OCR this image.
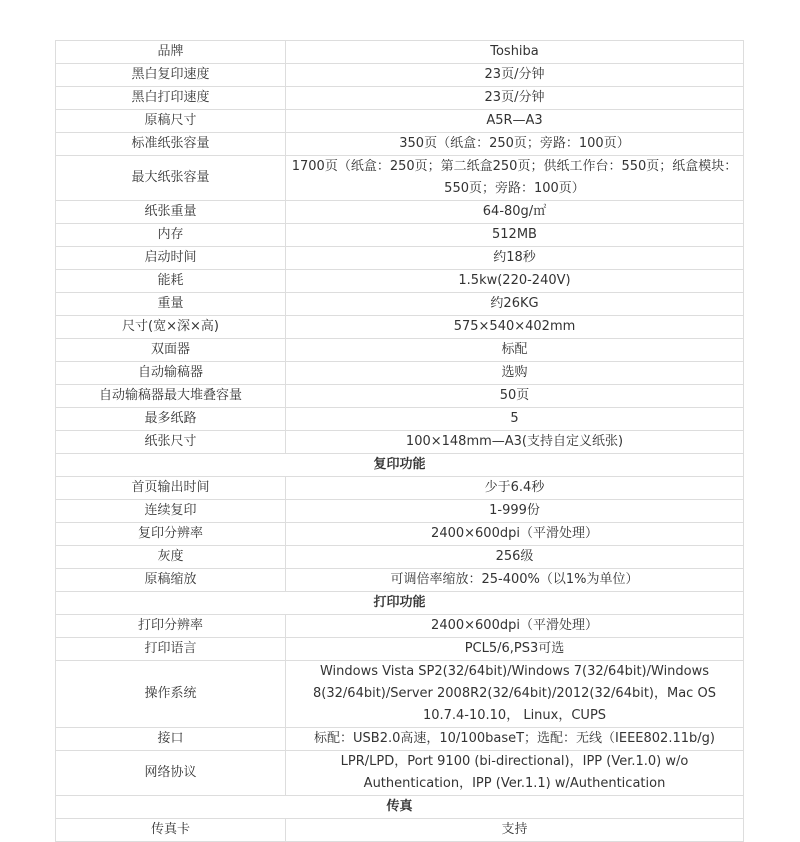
品牌	Toshiba
黑白复印速度	23页/分钟
黑白打印速度	23页/分钟
原稿尺寸	A5R—A3
标准纸张容量	350页（纸盒：250页；旁路：100页）
最大纸张容量	1700页（纸盒：250页；第二纸盒250页；供纸工作台：550页；纸盒模块：550页；旁路：100页）
纸张重量	64-80g/㎡
内存	512MB
启动时间	约18秒
能耗	1.5kw(220-240V)
重量	约26KG
尺寸(宽×深×高)	575×540×402mm
双面器	标配
自动输稿器	选购
自动输稿器最大堆叠容量	50页
最多纸路	5
纸张尺寸	100×148mm—A3(支持自定义纸张)
复印功能	
首页输出时间	少于6.4秒
连续复印	1-999份
复印分辨率	2400×600dpi（平滑处理）
灰度	256级
原稿缩放	可调倍率缩放：25-400%（以1%为单位）
打印功能	
打印分辨率	2400×600dpi（平滑处理）
打印语言	PCL5/6,PS3可选
操作系统	Windows Vista SP2(32/64bit)/Windows 7(32/64bit)/Windows 8(32/64bit)/Server 2008R2(32/64bit)/2012(32/64bit)，Mac OS 10.7.4-10.10， Linux，CUPS
接口	标配：USB2.0高速，10/100baseT；选配：无线（IEEE802.11b/g)
网络协议	LPR/LPD，Port 9100 (bi-directional)，IPP (Ver.1.0) w/o Authentication，IPP (Ver.1.1) w/Authentication
传真	
传真卡	支持
